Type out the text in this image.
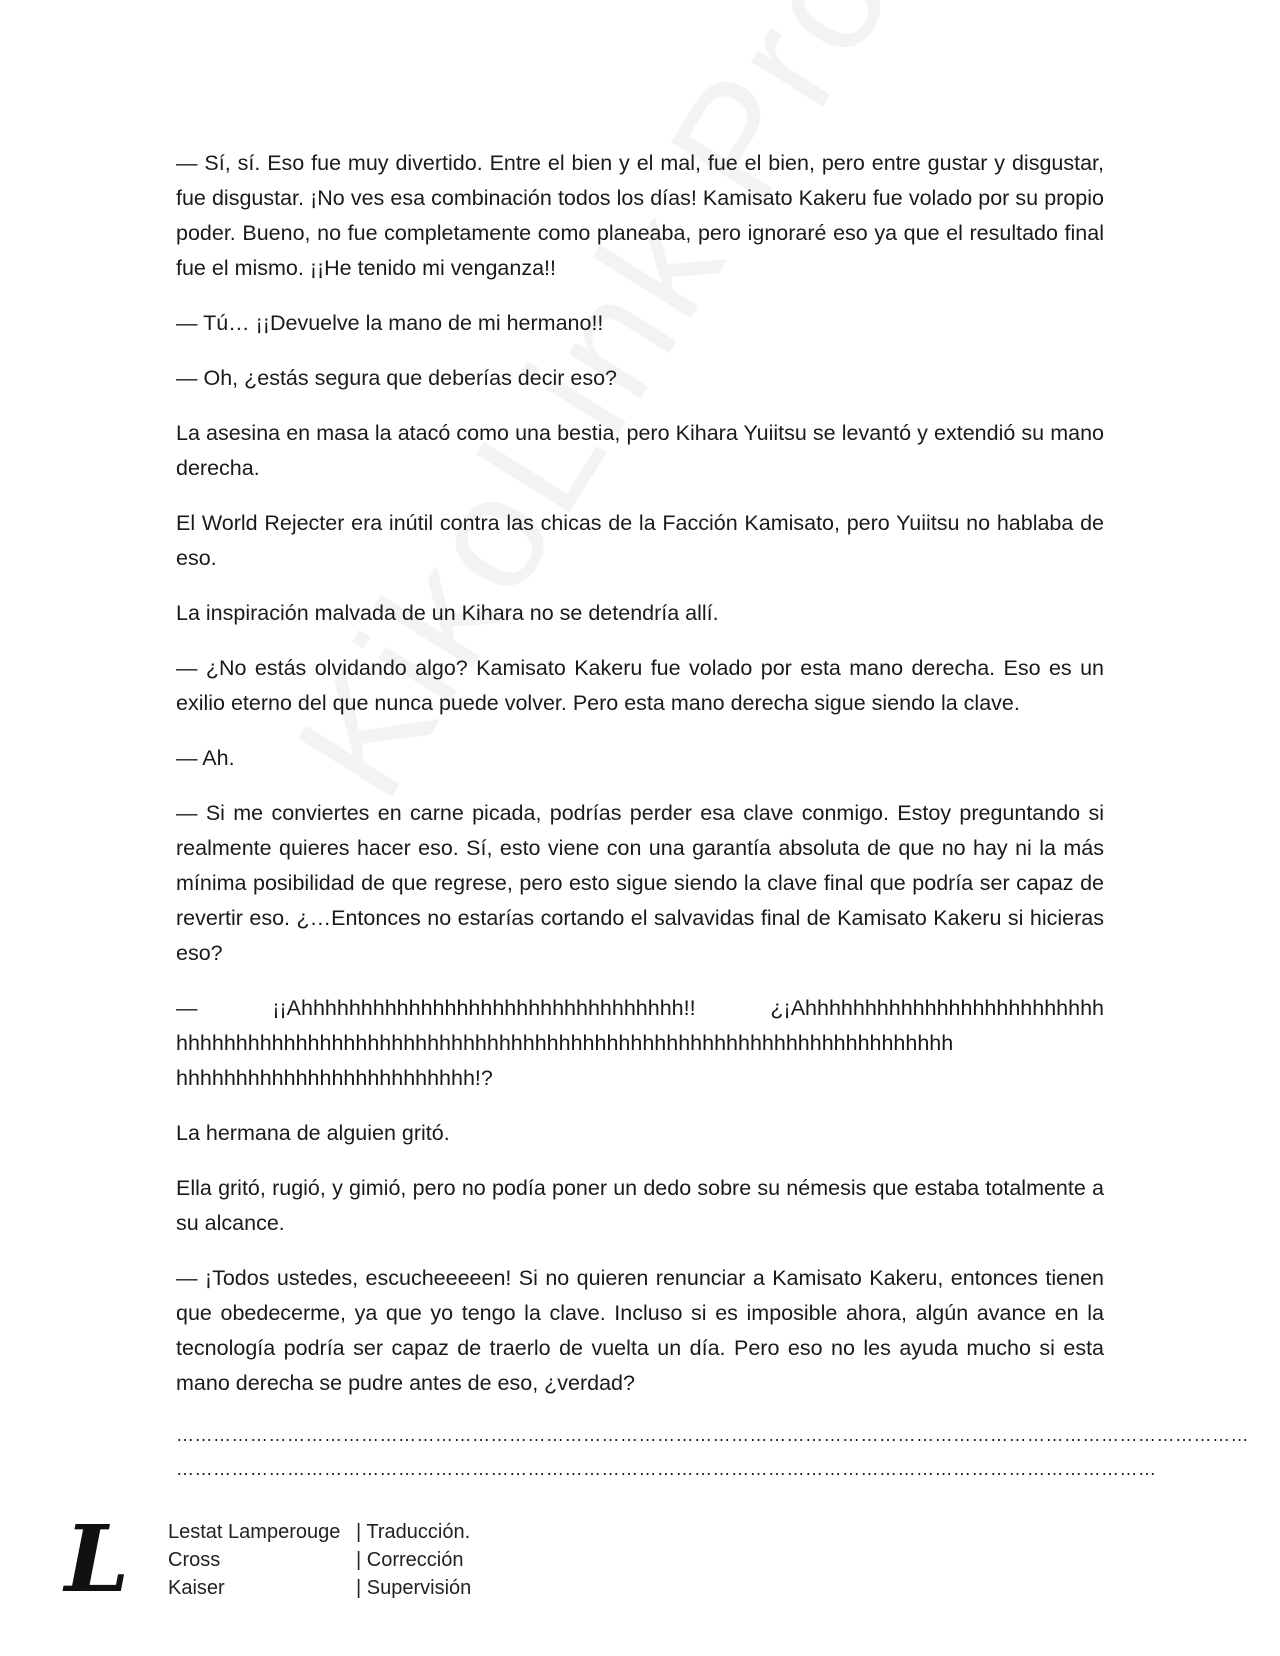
— Sí, sí. Eso fue muy divertido. Entre el bien y el mal, fue el bien, pero entre gustar y disgustar, fue disgustar. ¡No ves esa combinación todos los días! Kamisato Kakeru fue volado por su propio poder. Bueno, no fue completamente como planeaba, pero ignoraré eso ya que el resultado final fue el mismo. ¡¡He tenido mi venganza!!

— Tú… ¡¡Devuelve la mano de mi hermano!!

— Oh, ¿estás segura que deberías decir eso?

La asesina en masa la atacó como una bestia, pero Kihara Yuiitsu se levantó y extendió su mano derecha.

El World Rejecter era inútil contra las chicas de la Facción Kamisato, pero Yuiitsu no hablaba de eso.

La inspiración malvada de un Kihara no se detendría allí.

— ¿No estás olvidando algo? Kamisato Kakeru fue volado por esta mano derecha. Eso es un exilio eterno del que nunca puede volver. Pero esta mano derecha sigue siendo la clave.

— Ah.

— Si me conviertes en carne picada, podrías perder esa clave conmigo. Estoy preguntando si realmente quieres hacer eso. Sí, esto viene con una garantía absoluta de que no hay ni la más mínima posibilidad de que regrese, pero esto sigue siendo la clave final que podría ser capaz de revertir eso. ¿…Entonces no estarías cortando el salvavidas final de Kamisato Kakeru si hicieras eso?

— ¡¡Ahhhhhhhhhhhhhhhhhhhhhhhhhhhhhhhh!! ¿¡Ahhhhhhhhhhhhhhhhhhhhhhhhh hhhhhhhhhhhhhhhhhhhhhhhhhhhhhhhhhhhhhhhhhhhhhhhhhhhhhhhhhhhhhhhhh hhhhhhhhhhhhhhhhhhhhhhhhh!?

La hermana de alguien gritó.

Ella gritó, rugió, y gimió, pero no podía poner un dedo sobre su némesis que estaba totalmente a su alcance.

— ¡Todos ustedes, escucheeeeen! Si no quieren renunciar a Kamisato Kakeru, entonces tienen que obedecerme, ya que yo tengo la clave. Incluso si es imposible ahora, algún avance en la tecnología podría ser capaz de traerlo de vuelta un día. Pero eso no les ayuda mucho si esta mano derecha se pudre antes de eso, ¿verdad?

…………………………………………………………………………………………………………………………………………………………
……………………………………………………………………………………………………………………………………………
L Lestat Lamperouge | Traducción.
Cross	| Corrección
Kaiser	| Supervisión
